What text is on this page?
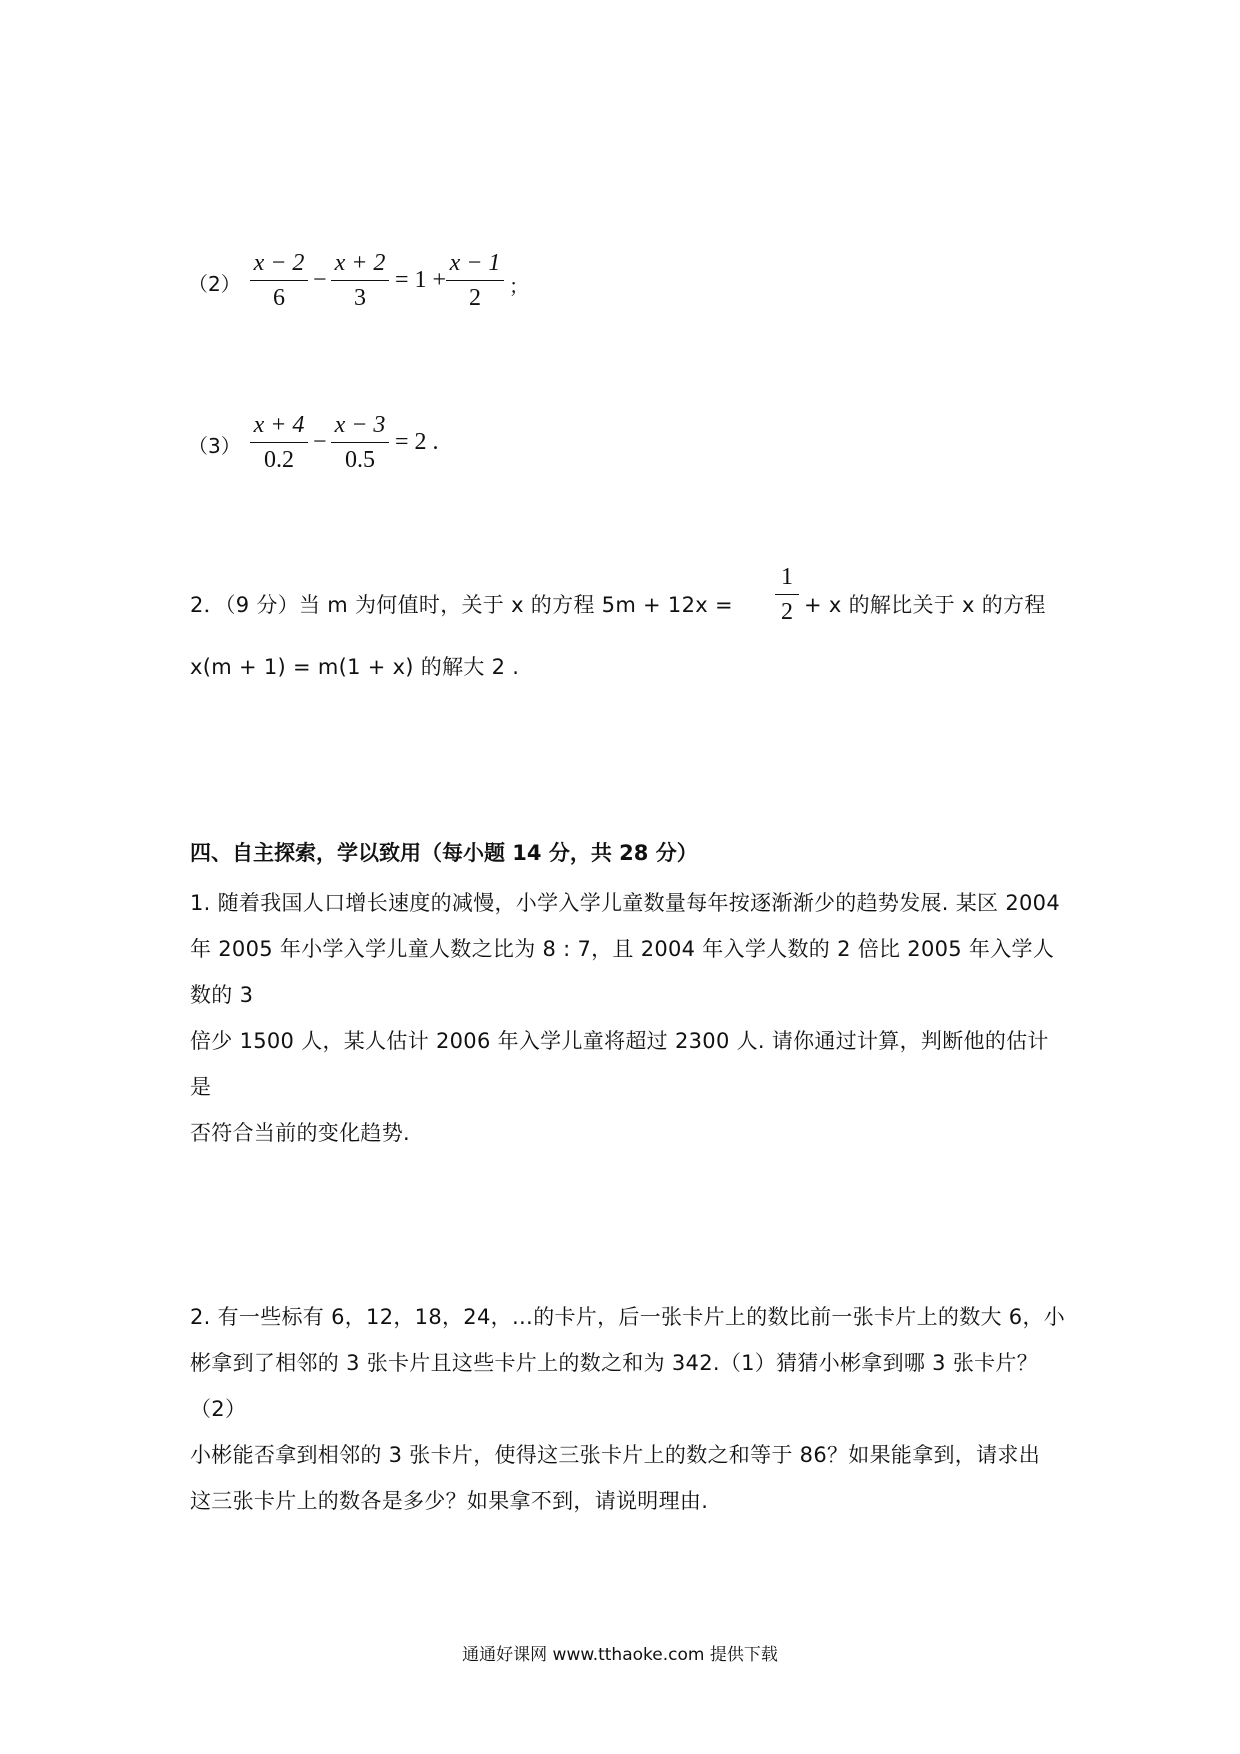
（2）
x − 2
6
−
x + 2
3
= 1 +
x − 1
2	；
（3）
x + 4
0.2
−
x − 3
0.5
= 2 .
2．（9 分）当 m 为何值时，关于 x 的方程 5m + 12x =
1
2 + x 的解比关于 x 的方程
x(m + 1) = m(1 + x) 的解大 2 .
四、自主探索，学以致用（每小题 14 分，共 28 分）
1. 随着我国人口增长速度的减慢，小学入学儿童数量每年按逐渐渐少的趋势发展. 某区 2004
年 2005 年小学入学儿童人数之比为 8 : 7，且 2004 年入学人数的 2 倍比 2005 年入学人数的 3
倍少 1500 人，某人估计 2006 年入学儿童将超过 2300 人. 请你通过计算，判断他的估计是
否符合当前的变化趋势.
2. 有一些标有 6，12，18，24，…的卡片，后一张卡片上的数比前一张卡片上的数大 6，小
彬拿到了相邻的 3 张卡片且这些卡片上的数之和为 342.（1）猜猜小彬拿到哪 3 张卡片？（2）
小彬能否拿到相邻的 3 张卡片，使得这三张卡片上的数之和等于 86？如果能拿到，请求出
这三张卡片上的数各是多少？如果拿不到，请说明理由.
通通好课网 www.tthaoke.com 提供下载
